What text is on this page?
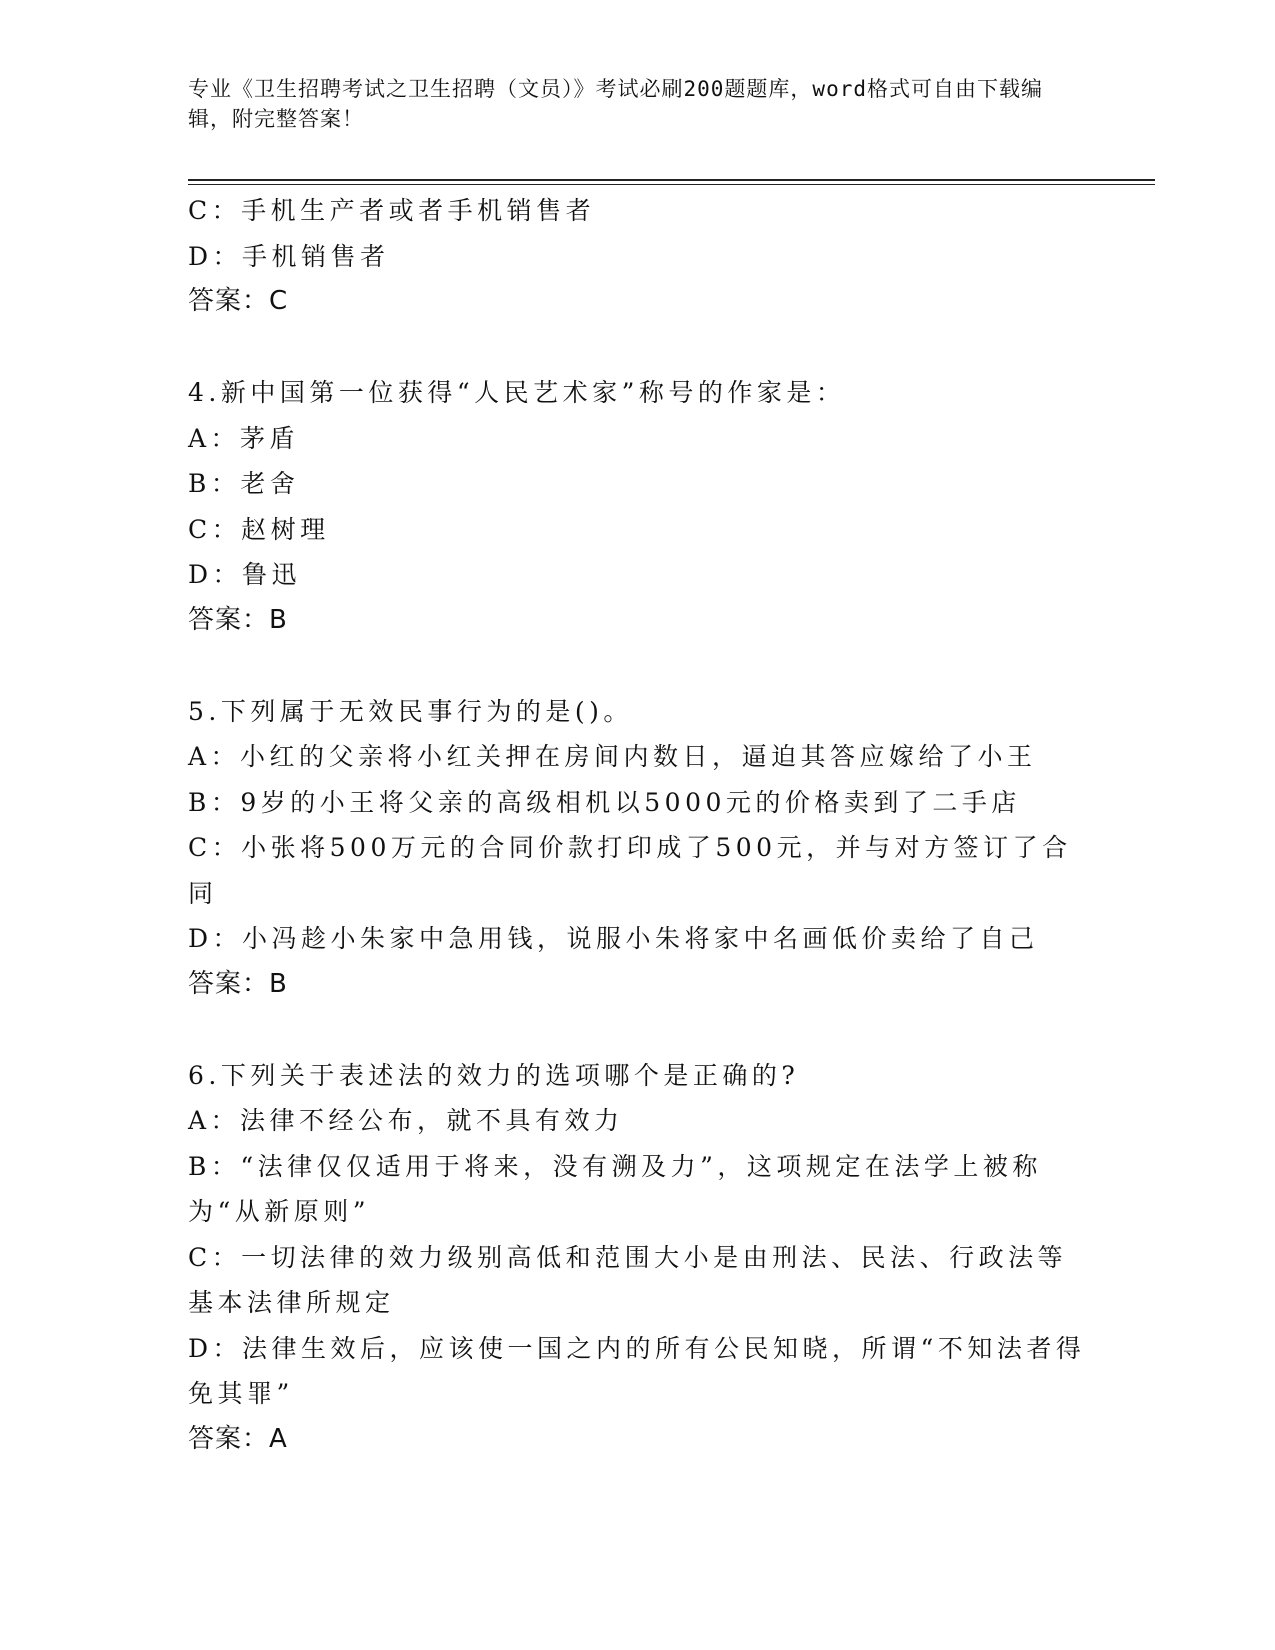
专业《卫生招聘考试之卫生招聘（文员）》考试必刷200题题库，word格式可自由下载编辑，附完整答案！
C：手机生产者或者手机销售者
D：手机销售者
答案：C
4.新中国第一位获得“人民艺术家”称号的作家是：
A：茅盾
B：老舍
C：赵树理
D：鲁迅
答案：B
5.下列属于无效民事行为的是()。
A：小红的父亲将小红关押在房间内数日，逼迫其答应嫁给了小王
B：9岁的小王将父亲的高级相机以5000元的价格卖到了二手店
C：小张将500万元的合同价款打印成了500元，并与对方签订了合同
D：小冯趁小朱家中急用钱，说服小朱将家中名画低价卖给了自己
答案：B
6.下列关于表述法的效力的选项哪个是正确的?
A：法律不经公布，就不具有效力
B：“法律仅仅适用于将来，没有溯及力”，这项规定在法学上被称为“从新原则”
C：一切法律的效力级别高低和范围大小是由刑法、民法、行政法等基本法律所规定
D：法律生效后，应该使一国之内的所有公民知晓，所谓“不知法者得免其罪”
答案：A
